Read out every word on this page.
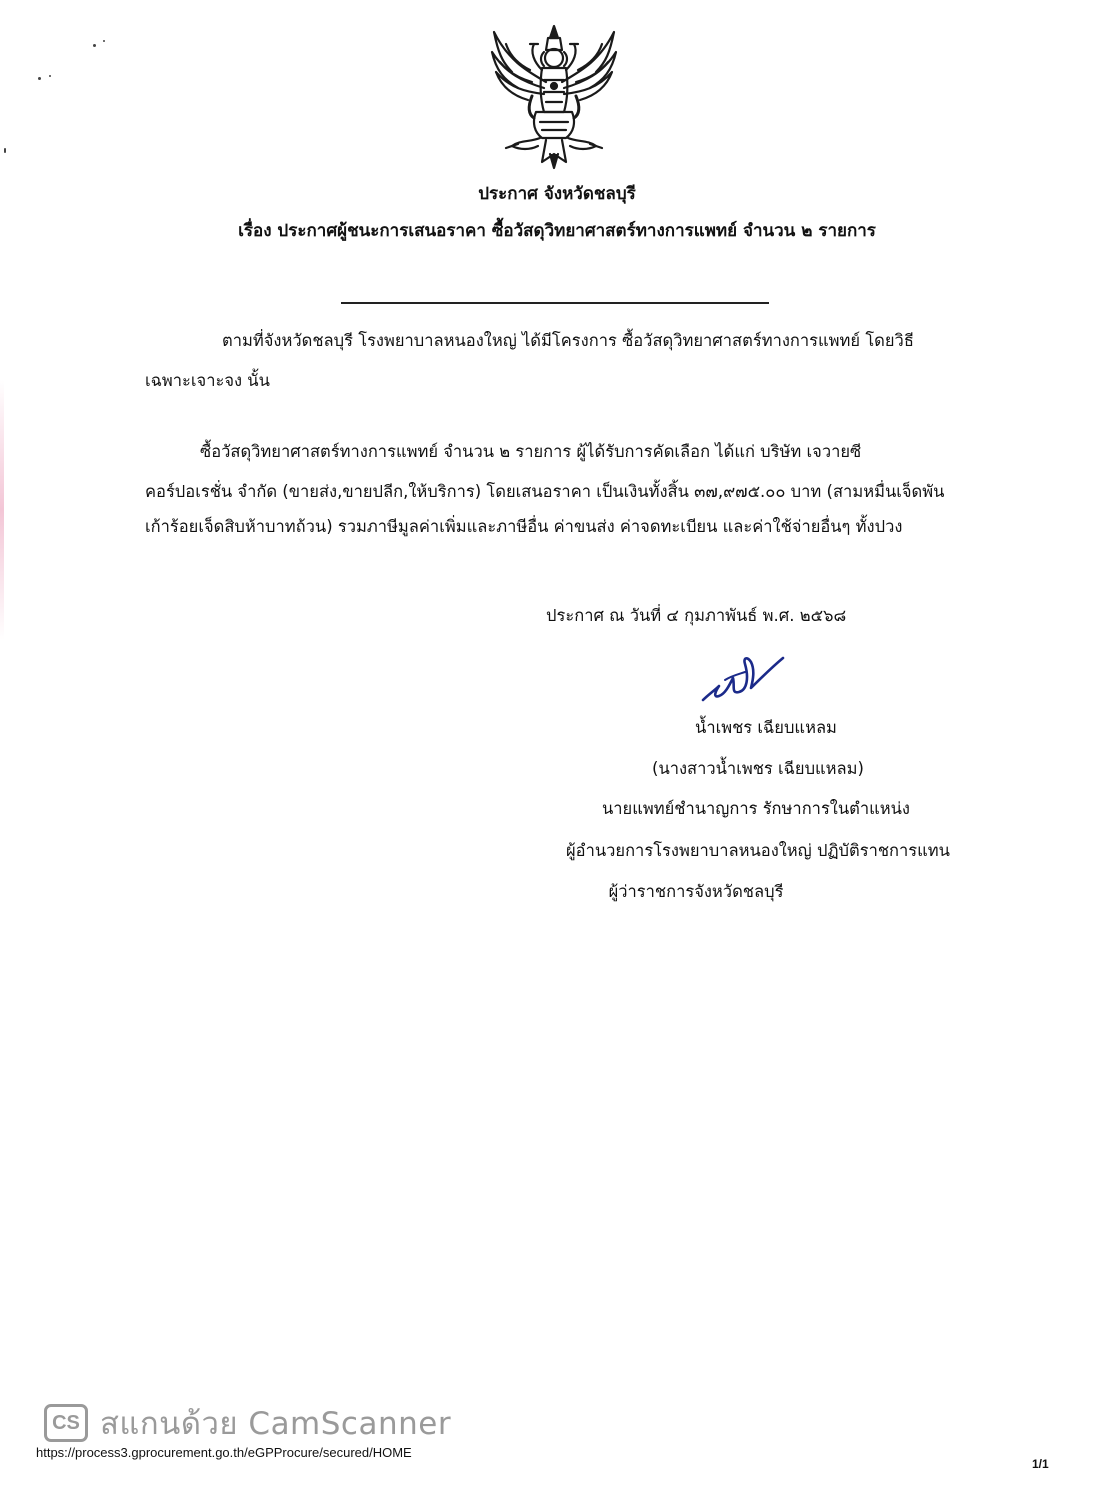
ประกาศ จังหวัดชลบุรี
เรื่อง ประกาศผู้ชนะการเสนอราคา ซื้อวัสดุวิทยาศาสตร์ทางการแพทย์ จำนวน ๒ รายการ
ตามที่จังหวัดชลบุรี โรงพยาบาลหนองใหญ่ ได้มีโครงการ ซื้อวัสดุวิทยาศาสตร์ทางการแพทย์ โดยวิธี
เฉพาะเจาะจง นั้น
ซื้อวัสดุวิทยาศาสตร์ทางการแพทย์ จำนวน ๒ รายการ ผู้ได้รับการคัดเลือก ได้แก่ บริษัท เจวายซี
คอร์ปอเรชั่น จำกัด (ขายส่ง,ขายปลีก,ให้บริการ) โดยเสนอราคา เป็นเงินทั้งสิ้น ๓๗,๙๗๕.๐๐ บาท (สามหมื่นเจ็ดพัน
เก้าร้อยเจ็ดสิบห้าบาทถ้วน) รวมภาษีมูลค่าเพิ่มและภาษีอื่น ค่าขนส่ง ค่าจดทะเบียน และค่าใช้จ่ายอื่นๆ ทั้งปวง
ประกาศ ณ วันที่ ๔ กุมภาพันธ์ พ.ศ. ๒๕๖๘
น้ำเพชร เฉียบแหลม
(นางสาวน้ำเพชร เฉียบแหลม)
นายแพทย์ชำนาญการ รักษาการในตำแหน่ง
ผู้อำนวยการโรงพยาบาลหนองใหญ่ ปฏิบัติราชการแทน
ผู้ว่าราชการจังหวัดชลบุรี
CS สแกนด้วย CamScanner
https://process3.gprocurement.go.th/eGPProcure/secured/HOME
1/1
